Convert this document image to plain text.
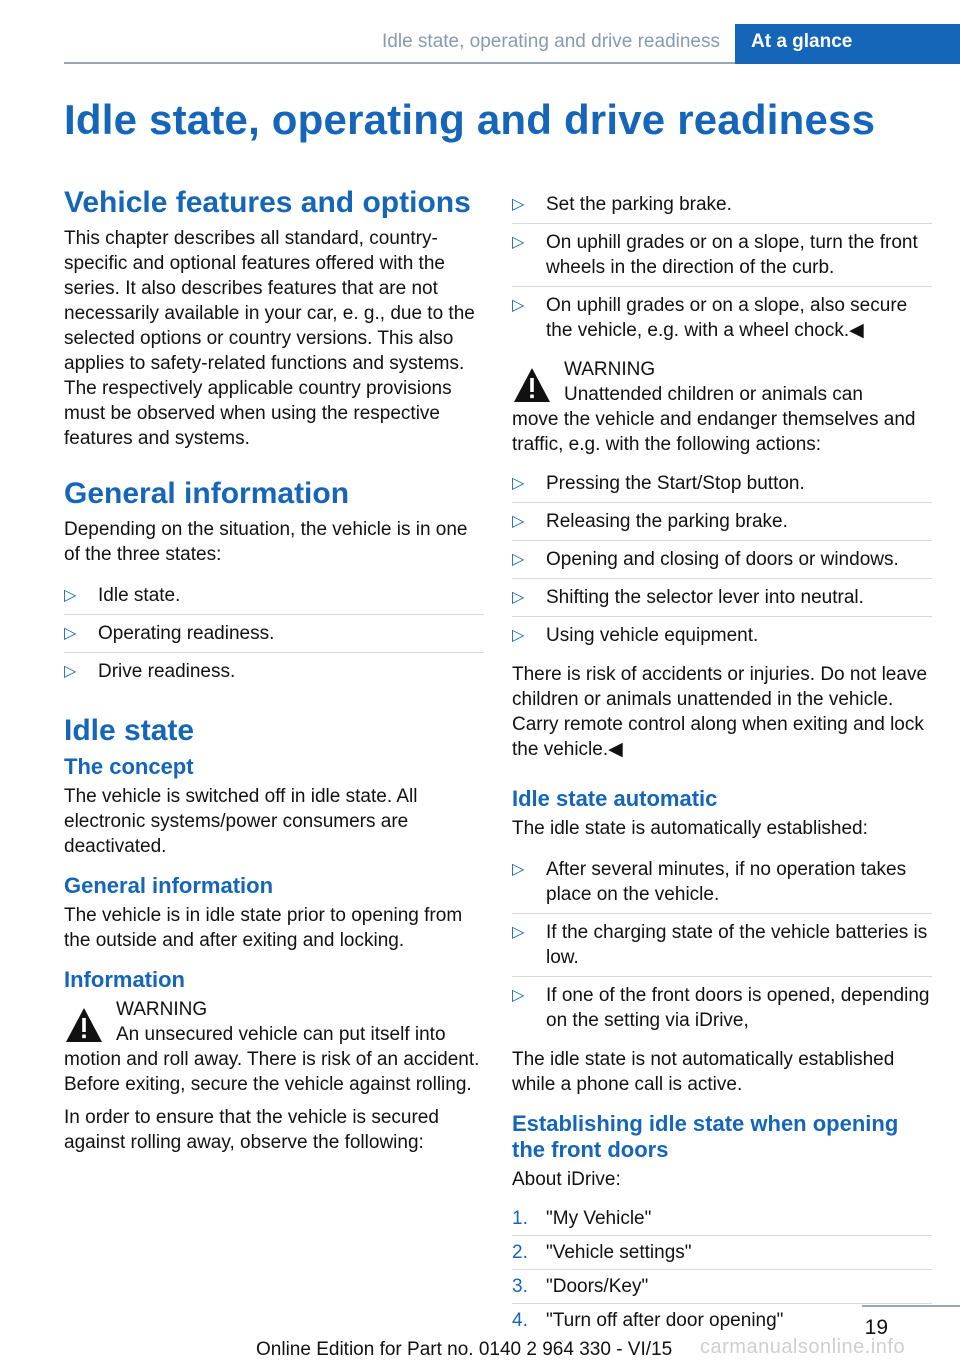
Idle state, operating and drive readiness	At a glance
Idle state, operating and drive readiness
Vehicle features and options

This chapter describes all standard, country-specific and optional features offered with the series. It also describes features that are not necessarily available in your car, e. g., due to the selected options or country versions. This also applies to safety-related functions and systems. The respectively applicable country provisions must be observed when using the respective features and systems.

General information

Depending on the situation, the vehicle is in one of the three states:

▷ Idle state.
▷ Operating readiness.
▷ Drive readiness.
Idle state
The concept

The vehicle is switched off in idle state. All electronic systems/power consumers are deactivated.

General information

The vehicle is in idle state prior to opening from the outside and after exiting and locking.

Information
WARNING
An unsecured vehicle can put itself into
motion and roll away. There is risk of an accident. Before exiting, secure the vehicle against rolling.

In order to ensure that the vehicle is secured against rolling away, observe the following:

▷ Set the parking brake.
▷ On uphill grades or on a slope, turn the front wheels in the direction of the curb.
▷ On uphill grades or on a slope, also secure the vehicle, e.g. with a wheel chock.◀
WARNING
Unattended children or animals can
move the vehicle and endanger themselves and traffic, e.g. with the following actions:
▷ Pressing the Start/Stop button.
▷ Releasing the parking brake.
▷ Opening and closing of doors or windows.
▷ Shifting the selector lever into neutral.
▷ Using vehicle equipment.

There is risk of accidents or injuries. Do not leave children or animals unattended in the vehicle. Carry remote control along when exiting and lock the vehicle.◀

Idle state automatic

The idle state is automatically established:

▷ After several minutes, if no operation takes place on the vehicle.
▷ If the charging state of the vehicle batteries is low.
▷ If one of the front doors is opened, depending on the setting via iDrive,

The idle state is not automatically established while a phone call is active.

Establishing idle state when opening the front doors

About iDrive:

1. "My Vehicle"
2. "Vehicle settings"
3. "Doors/Key"
4. "Turn off after door opening"	19
Online Edition for Part no. 0140 2 964 330 - VI/15 carmanualsonline.info
